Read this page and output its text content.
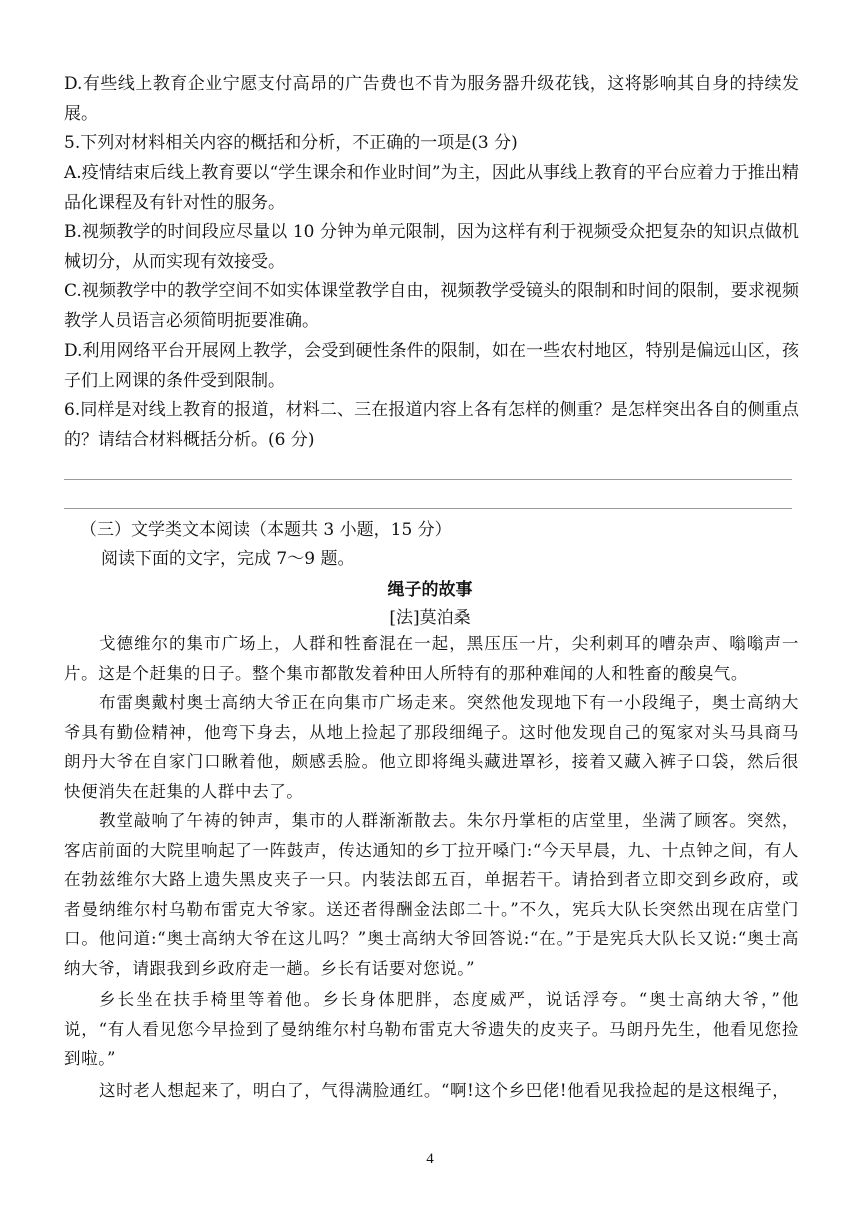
D.有些线上教育企业宁愿支付高昂的广告费也不肯为服务器升级花钱，这将影响其自身的持续发展。

5.下列对材料相关内容的概括和分析，不正确的一项是(3 分)

A.疫情结束后线上教育要以“学生课余和作业时间”为主，因此从事线上教育的平台应着力于推出精品化课程及有针对性的服务。

B.视频教学的时间段应尽量以 10 分钟为单元限制，因为这样有利于视频受众把复杂的知识点做机械切分，从而实现有效接受。

C.视频教学中的教学空间不如实体课堂教学自由，视频教学受镜头的限制和时间的限制，要求视频教学人员语言必须简明扼要准确。

D.利用网络平台开展网上教学，会受到硬性条件的限制，如在一些农村地区，特别是偏远山区，孩子们上网课的条件受到限制。

6.同样是对线上教育的报道，材料二、三在报道内容上各有怎样的侧重？是怎样突出各自的侧重点的？请结合材料概括分析。(6 分)

（三）文学类文本阅读（本题共 3 小题，15 分）

阅读下面的文字，完成 7～9 题。

绳子的故事
[法]莫泊桑

戈德维尔的集市广场上，人群和牲畜混在一起，黑压压一片，尖利刺耳的嘈杂声、嗡嗡声一片。这是个赶集的日子。整个集市都散发着种田人所特有的那种难闻的人和牲畜的酸臭气。

布雷奥戴村奥士高纳大爷正在向集市广场走来。突然他发现地下有一小段绳子，奥士高纳大爷具有勤俭精神，他弯下身去，从地上捡起了那段细绳子。这时他发现自己的冤家对头马具商马朗丹大爷在自家门口瞅着他，颇感丢脸。他立即将绳头藏进罩衫，接着又藏入裤子口袋，然后很快便消失在赶集的人群中去了。

教堂敲响了午祷的钟声，集市的人群渐渐散去。朱尔丹掌柜的店堂里，坐满了顾客。突然，客店前面的大院里响起了一阵鼓声，传达通知的乡丁拉开嗓门:“今天早晨，九、十点钟之间，有人在勃兹维尔大路上遗失黑皮夹子一只。内装法郎五百，单据若干。请拾到者立即交到乡政府，或者曼纳维尔村乌勒布雷克大爷家。送还者得酬金法郎二十。”不久，宪兵大队长突然出现在店堂门口。他问道:“奥士高纳大爷在这儿吗？”奥士高纳大爷回答说:“在。”于是宪兵大队长又说:“奥士高纳大爷，请跟我到乡政府走一趟。乡长有话要对您说。”

乡长坐在扶手椅里等着他。乡长身体肥胖，态度威严，说话浮夸。“奥士高纳大爷，”他说，“有人看见您今早捡到了曼纳维尔村乌勒布雷克大爷遗失的皮夹子。马朗丹先生，他看见您捡到啦。”

这时老人想起来了，明白了，气得满脸通红。“啊!这个乡巴佬!他看见我捡起的是这根绳子，

4
